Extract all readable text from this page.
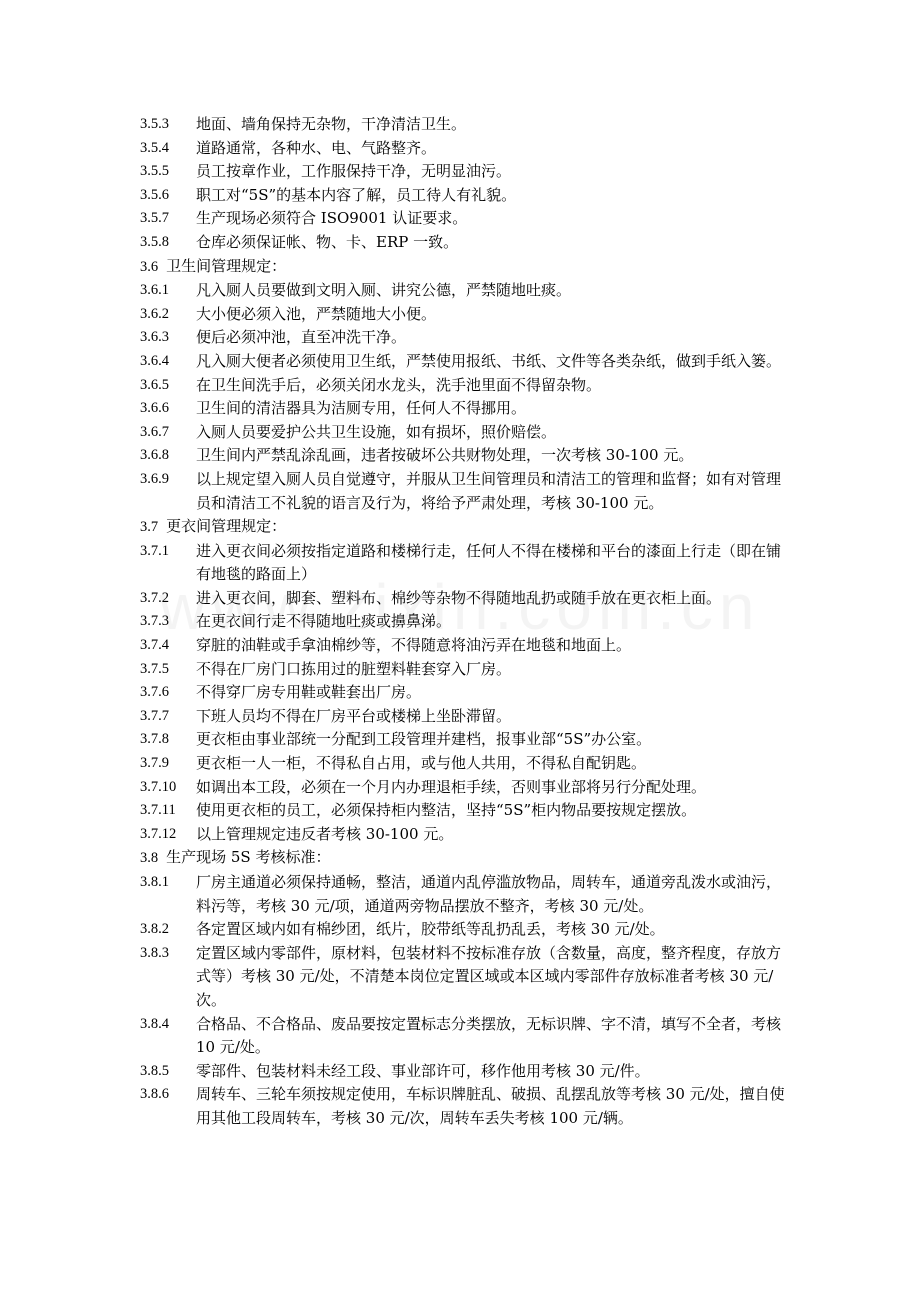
3.5.3 地面、墙角保持无杂物，干净清洁卫生。
3.5.4 道路通常，各种水、电、气路整齐。
3.5.5 员工按章作业，工作服保持干净，无明显油污。
3.5.6 职工对“5S”的基本内容了解，员工待人有礼貌。
3.5.7 生产现场必须符合 ISO9001 认证要求。
3.5.8 仓库必须保证帐、物、卡、ERP 一致。
3.6 卫生间管理规定：
3.6.1 凡入厕人员要做到文明入厕、讲究公德，严禁随地吐痰。
3.6.2 大小便必须入池，严禁随地大小便。
3.6.3 便后必须冲池，直至冲洗干净。
3.6.4 凡入厕大便者必须使用卫生纸，严禁使用报纸、书纸、文件等各类杂纸，做到手纸入篓。
3.6.5 在卫生间洗手后，必须关闭水龙头，洗手池里面不得留杂物。
3.6.6 卫生间的清洁器具为洁厕专用，任何人不得挪用。
3.6.7 入厕人员要爱护公共卫生设施，如有损坏，照价赔偿。
3.6.8 卫生间内严禁乱涂乱画，违者按破坏公共财物处理，一次考核 30-100 元。
3.6.9 以上规定望入厕人员自觉遵守，并服从卫生间管理员和清洁工的管理和监督；如有对管理员和清洁工不礼貌的语言及行为，将给予严肃处理，考核 30-100 元。
3.7 更衣间管理规定：
3.7.1 进入更衣间必须按指定道路和楼梯行走，任何人不得在楼梯和平台的漆面上行走（即在铺有地毯的路面上）
3.7.2 进入更衣间，脚套、塑料布、棉纱等杂物不得随地乱扔或随手放在更衣柜上面。
3.7.3 在更衣间行走不得随地吐痰或擤鼻涕。
3.7.4 穿脏的油鞋或手拿油棉纱等，不得随意将油污弄在地毯和地面上。
3.7.5 不得在厂房门口拣用过的脏塑料鞋套穿入厂房。
3.7.6 不得穿厂房专用鞋或鞋套出厂房。
3.7.7 下班人员均不得在厂房平台或楼梯上坐卧滞留。
3.7.8 更衣柜由事业部统一分配到工段管理并建档，报事业部“5S”办公室。
3.7.9 更衣柜一人一柜，不得私自占用，或与他人共用，不得私自配钥匙。
3.7.10 如调出本工段，必须在一个月内办理退柜手续，否则事业部将另行分配处理。
3.7.11 使用更衣柜的员工，必须保持柜内整洁，坚持“5S”柜内物品要按规定摆放。
3.7.12 以上管理规定违反者考核 30-100 元。
3.8 生产现场 5S 考核标准：
3.8.1 厂房主通道必须保持通畅，整洁，通道内乱停滥放物品，周转车，通道旁乱泼水或油污，料污等，考核 30 元/项，通道两旁物品摆放不整齐，考核 30 元/处。
3.8.2 各定置区域内如有棉纱团，纸片，胶带纸等乱扔乱丢，考核 30 元/处。
3.8.3 定置区域内零部件，原材料，包装材料不按标准存放（含数量，高度，整齐程度，存放方式等）考核 30 元/处，不清楚本岗位定置区域或本区域内零部件存放标准者考核 30 元/次。
3.8.4 合格品、不合格品、废品要按定置标志分类摆放，无标识牌、字不清，填写不全者，考核 10 元/处。
3.8.5 零部件、包装材料未经工段、事业部许可，移作他用考核 30 元/件。
3.8.6 周转车、三轮车须按规定使用，车标识牌脏乱、破损、乱摆乱放等考核 30 元/处，擅自使用其他工段周转车，考核 30 元/次，周转车丢失考核 100 元/辆。
